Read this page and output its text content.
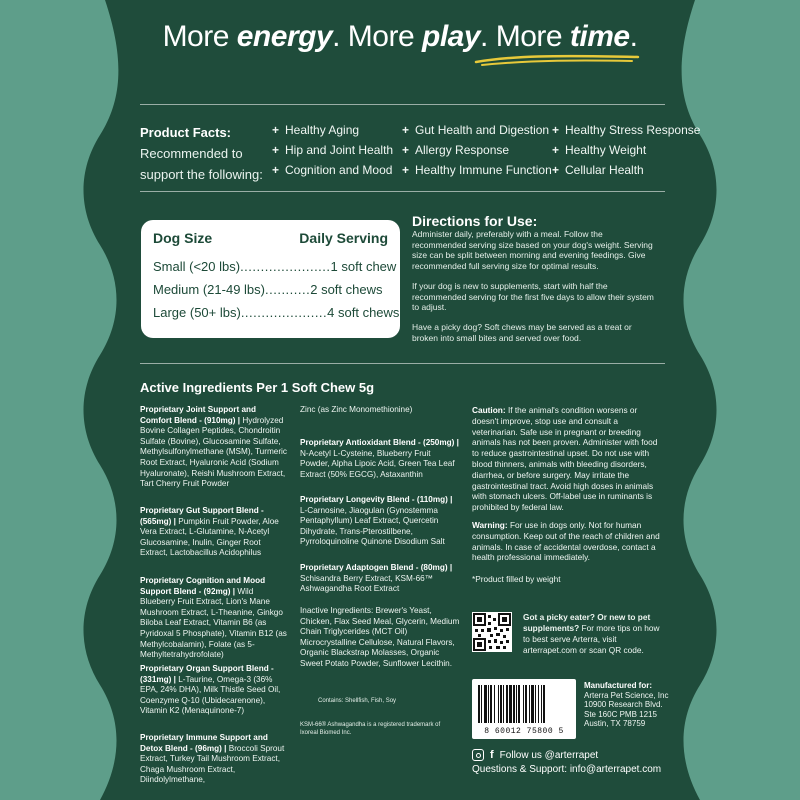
More energy. More play. More time.
Product Facts:
Recommended to
support the following:
+ Healthy Aging	+ Gut Health and Digestion + Healthy Stress Response
+ Hip and Joint Health + Allergy Response	+ Healthy Weight
+ Cognition and Mood + Healthy Immune Function + Cellular Health
Dog Size	Daily Serving
Small (<20 lbs)......................1 soft chew
Medium (21-49 lbs)...........2 soft chews
Large (50+ lbs).....................4 soft chews
Directions for Use:

Administer daily, preferably with a meal. Follow the recommended serving size based on your dog's weight. Serving size can be split between morning and evening feedings. Give recommended full serving size for optimal results.

If your dog is new to supplements, start with half the recommended serving for the first five days to allow their system to adjust.

Have a picky dog? Soft chews may be served as a treat or broken into small bites and served over food.

Active Ingredients Per 1 Soft Chew 5g

Proprietary Joint Support and Comfort Blend - (910mg) | Hydrolyzed Bovine Collagen Peptides, Chondroitin Sulfate (Bovine), Glucosamine Sulfate, Methylsulfonylmethane (MSM), Turmeric Root Extract, Hyaluronic Acid (Sodium Hyaluronate), Reishi Mushroom Extract, Tart Cherry Fruit Powder

Proprietary Gut Support Blend - (565mg) | Pumpkin Fruit Powder, Aloe Vera Extract, L-Glutamine, N-Acetyl Glucosamine, Inulin, Ginger Root Extract, Lactobacillus Acidophilus

Proprietary Cognition and Mood Support Blend - (92mg) | Wild Blueberry Fruit Extract, Lion's Mane Mushroom Extract, L-Theanine, Ginkgo Biloba Leaf Extract, Vitamin B6 (as Pyridoxal 5 Phosphate), Vitamin B12 (as Methylcobalamin), Folate (as 5-Methyltetrahydrofolate)

Proprietary Organ Support Blend - (331mg) | L-Taurine, Omega-3 (36% EPA, 24% DHA), Milk Thistle Seed Oil, Coenzyme Q-10 (Ubidecarenone), Vitamin K2 (Menaquinone-7)

Proprietary Immune Support and Detox Blend - (96mg) | Broccoli Sprout Extract, Turkey Tail Mushroom Extract, Chaga Mushroom Extract, Diindolylmethane,

Zinc (as Zinc Monomethionine)

Proprietary Antioxidant Blend - (250mg) | N-Acetyl L-Cysteine, Blueberry Fruit Powder, Alpha Lipoic Acid, Green Tea Leaf Extract (50% EGCG), Astaxanthin

Proprietary Longevity Blend - (110mg) | L-Carnosine, Jiaogulan (Gynostemma Pentaphyllum) Leaf Extract, Quercetin Dihydrate, Trans-Pterostilbene, Pyrroloquinoline Quinone Disodium Salt

Proprietary Adaptogen Blend - (80mg) | Schisandra Berry Extract, KSM-66™ Ashwagandha Root Extract

Inactive Ingredients: Brewer's Yeast, Chicken, Flax Seed Meal, Glycerin, Medium Chain Triglycerides (MCT Oil) Microcrystalline Cellulose, Natural Flavors, Organic Blackstrap Molasses, Organic Sweet Potato Powder, Sunflower Lecithin.

Contains: Shellfish, Fish, Soy
KSM-66® Ashwagandha is a registered trademark of Ixoreal Biomed Inc.

Caution: If the animal's condition worsens or doesn't improve, stop use and consult a veterinarian. Safe use in pregnant or breeding animals has not been proven. Administer with food to reduce gastrointestinal upset. Do not use with blood thinners, animals with bleeding disorders, diarrhea, or before surgery. May irritate the gastrointestinal tract. Avoid high doses in animals with stomach ulcers. Off-label use in ruminants is prohibited by federal law.

Warning: For use in dogs only. Not for human consumption. Keep out of the reach of children and animals. In case of accidental overdose, contact a health professional immediately.

*Product filled by weight

Got a picky eater? Or new to pet supplements? For more tips on how to best serve Arterra, visit arterrapet.com or scan QR code.
8 60012 75800 5
Manufactured for:
Arterra Pet Science, Inc
10900 Research Blvd.
Ste 160C PMB 1215
Austin, TX 78759
f Follow us @arterrapet
Questions & Support: info@arterrapet.com
